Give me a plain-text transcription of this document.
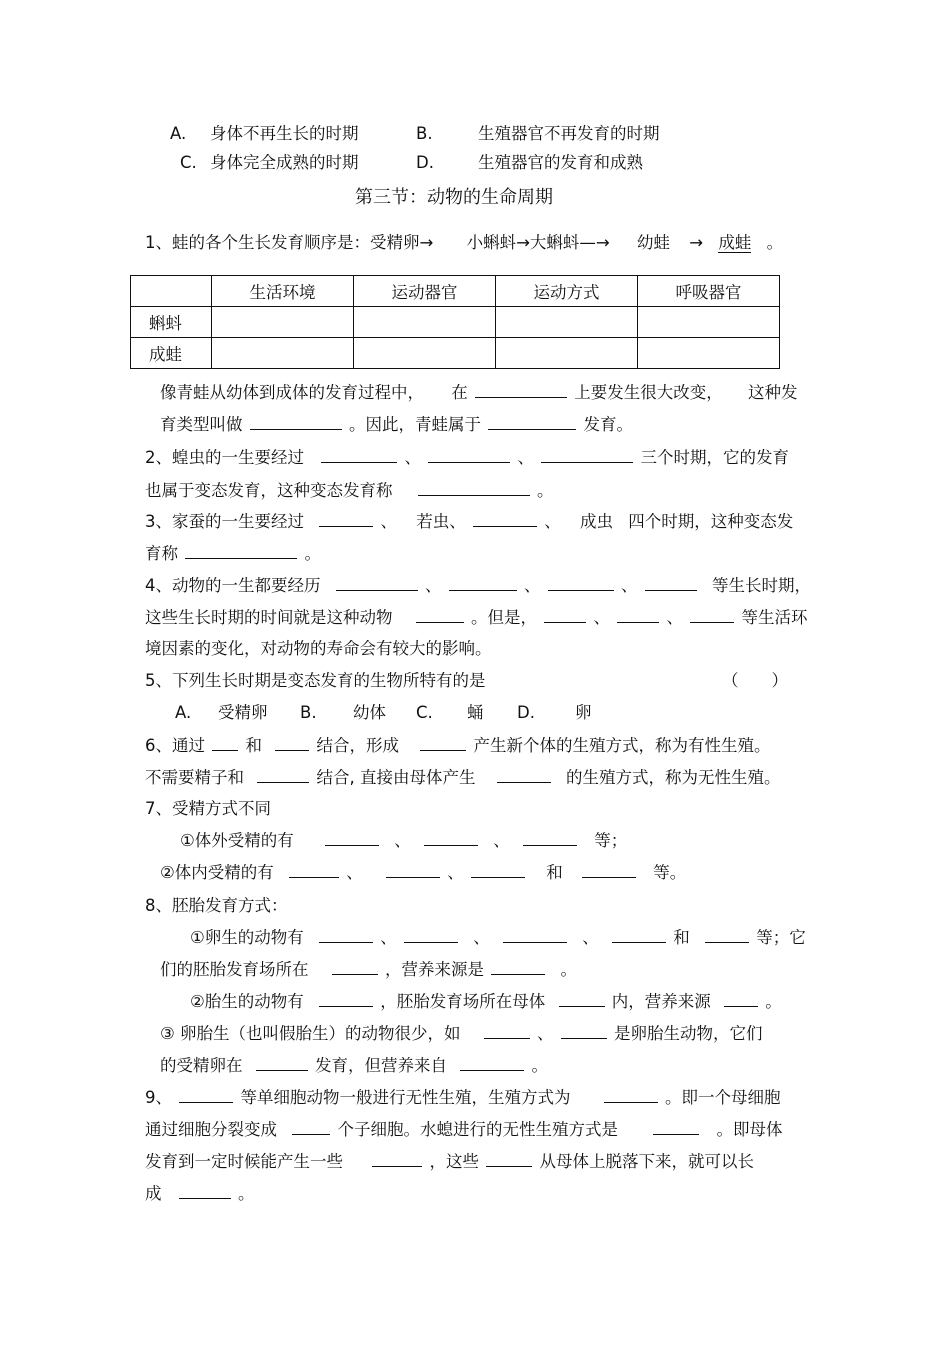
A. 身体不再生长的时期	B.	生殖器官不再发育的时期
C. 身体完全成熟的时期	D.	生殖器官的发育和成熟
第三节：动物的生命周期
1、蛙的各个生长发育顺序是：受精卵→ 小蝌蚪→大蝌蚪—→ 幼蛙 → 成蛙 。
	生活环境	运动器官	运动方式	呼吸器官
蝌蚪				
成蛙				
像青蛙从幼体到成体的发育过程中， 在	上要发生很大改变， 这种发
育类型叫做	。因此，青蛙属于	发育。
2、蝗虫的一生要经过	、	、	三个时期，它的发育
也属于变态发育，这种变态发育称	。
3、家蚕的一生要经过	、 若虫、	、 成虫 四个时期，这种变态发
育称	。
4、动物的一生都要经历	、	、	、	等生长时期，
这些生长时期的时间就是这种动物	。但是，	、	、	等生活环
境因素的变化，对动物的寿命会有较大的影响。
5、下列生长时期是变态发育的生物所特有的是	（　　）
A. 受精卵 B. 幼体 C. 蛹 D. 卵
6、通过 和	结合，形成	产生新个体的生殖方式，称为有性生殖。
不需要精子和	结合, 直接由母体产生	的生殖方式，称为无性生殖。
7、受精方式不同
①体外受精的有	、	、	等；
②体内受精的有	、	、	和	等。
8、胚胎发育方式：
①卵生的动物有	、	、	、	和	等；它
们的胚胎发育场所在	，营养来源是	。
②胎生的动物有	，胚胎发育场所在母体	内，营养来源	。
③ 卵胎生（也叫假胎生）的动物很少，如	、	是卵胎生动物，它们
的受精卵在	发育，但营养来自	。
9、	等单细胞动物一般进行无性生殖，生殖方式为	。即一个母细胞
通过细胞分裂变成	个子细胞。水螅进行的无性生殖方式是	。即母体
发育到一定时候能产生一些	，这些	从母体上脱落下来，就可以长
成	。
